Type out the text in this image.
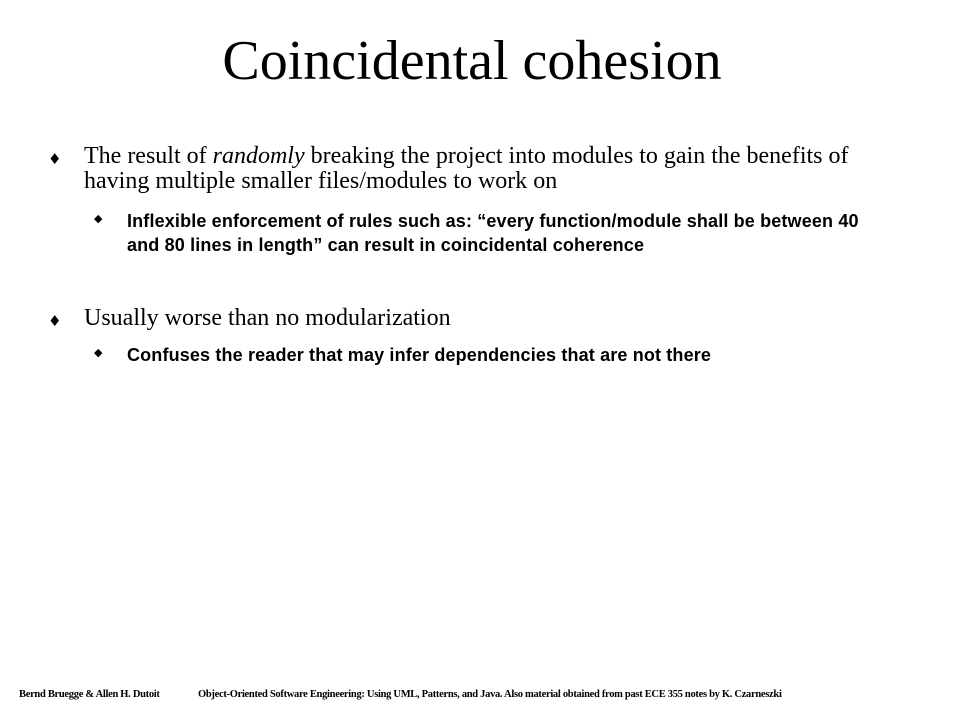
Coincidental cohesion
♦ The result of randomly breaking the project into modules to gain the benefits of having multiple smaller files/modules to work on
◆ Inflexible enforcement of rules such as: “every function/module shall be between 40 and 80 lines in length” can result in coincidental coherence
♦ Usually worse than no modularization
◆ Confuses the reader that may infer dependencies that are not there
Bernd Bruegge & Allen H. Dutoit	Object-Oriented Software Engineering: Using UML, Patterns, and Java. Also material obtained from past ECE 355 notes by K. Czarneszki
